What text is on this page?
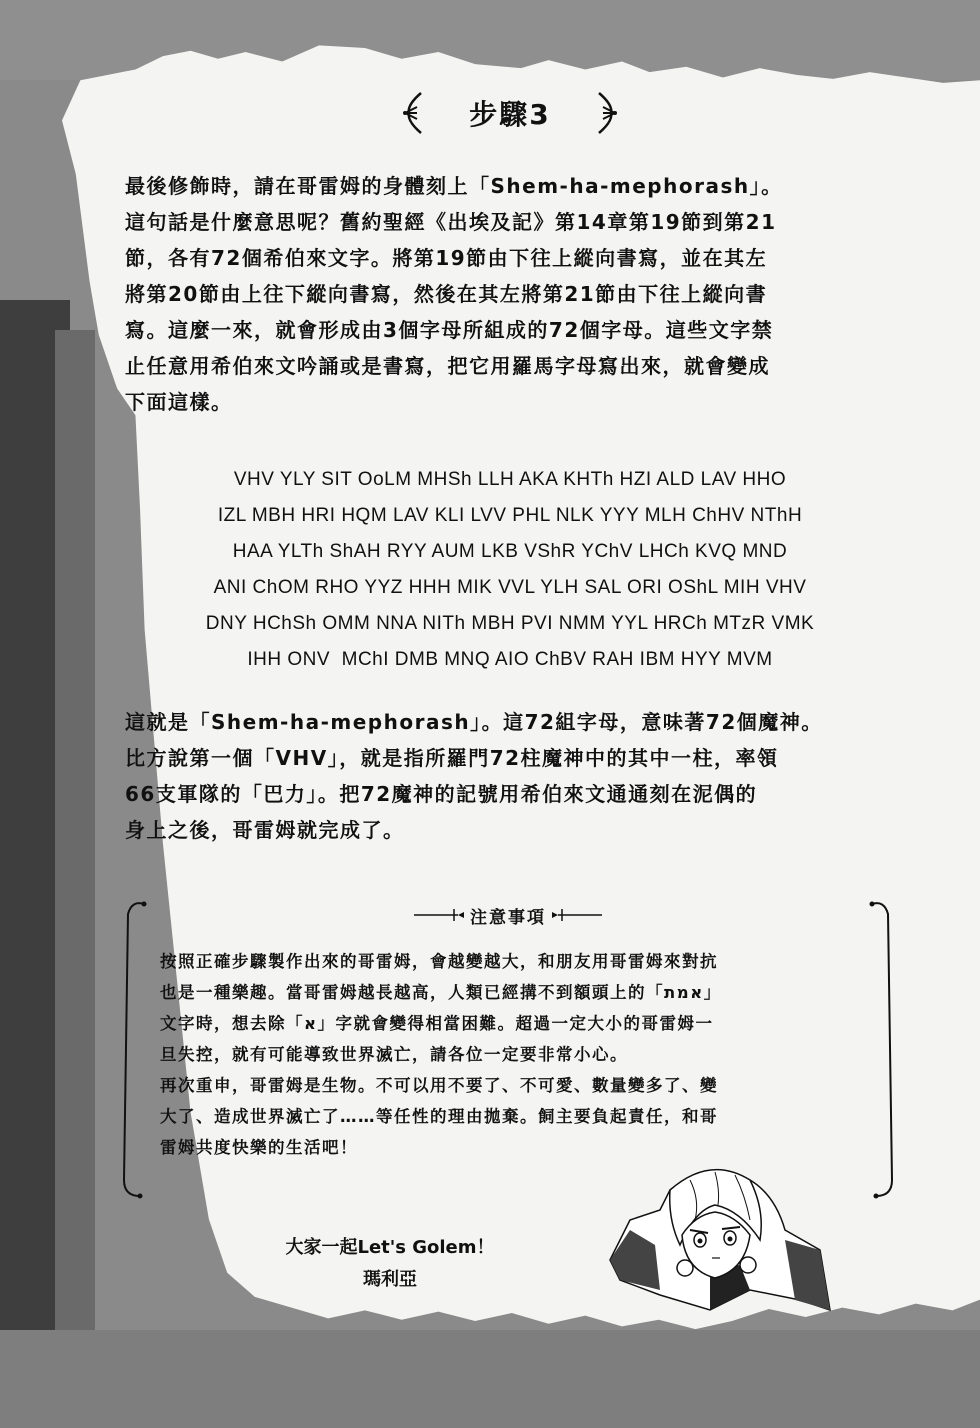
步驟3

最後修飾時，請在哥雷姆的身體刻上「Shem-ha-mephorash」。

這句話是什麼意思呢？舊約聖經《出埃及記》第14章第19節到第21

節，各有72個希伯來文字。將第19節由下往上縱向書寫，並在其左

將第20節由上往下縱向書寫，然後在其左將第21節由下往上縱向書

寫。這麼一來，就會形成由3個字母所組成的72個字母。這些文字禁

止任意用希伯來文吟誦或是書寫，把它用羅馬字母寫出來，就會變成

下面這樣。

VHV YLY SIT OoLM MHSh LLH AKA KHTh HZI ALD LAV HHO
IZL MBH HRI HQM LAV KLI LVV PHL NLK YYY MLH ChHV NThH
HAA YLTh ShAH RYY AUM LKB VShR YChV LHCh KVQ MND
ANI ChOM RHO YYZ HHH MIK VVL YLH SAL ORI OShL MIH VHV
DNY HChSh OMM NNA NITh MBH PVI NMM YYL HRCh MTzR VMK
IHH ONV  MChI DMB MNQ AIO ChBV RAH IBM HYY MVM

這就是「Shem-ha-mephorash」。這72組字母，意味著72個魔神。

比方說第一個「VHV」，就是指所羅門72柱魔神中的其中一柱，率領

66支軍隊的「巴力」。把72魔神的記號用希伯來文通通刻在泥偶的

身上之後，哥雷姆就完成了。

注意事項

按照正確步驟製作出來的哥雷姆，會越變越大，和朋友用哥雷姆來對抗

也是一種樂趣。當哥雷姆越長越高，人類已經搆不到額頭上的「אמת」

文字時，想去除「א」字就會變得相當困難。超過一定大小的哥雷姆一

旦失控，就有可能導致世界滅亡，請各位一定要非常小心。

再次重申，哥雷姆是生物。不可以用不要了、不可愛、數量變多了、變

大了、造成世界滅亡了……等任性的理由拋棄。飼主要負起責任，和哥

雷姆共度快樂的生活吧！

大家一起Let's Golem！
瑪利亞
